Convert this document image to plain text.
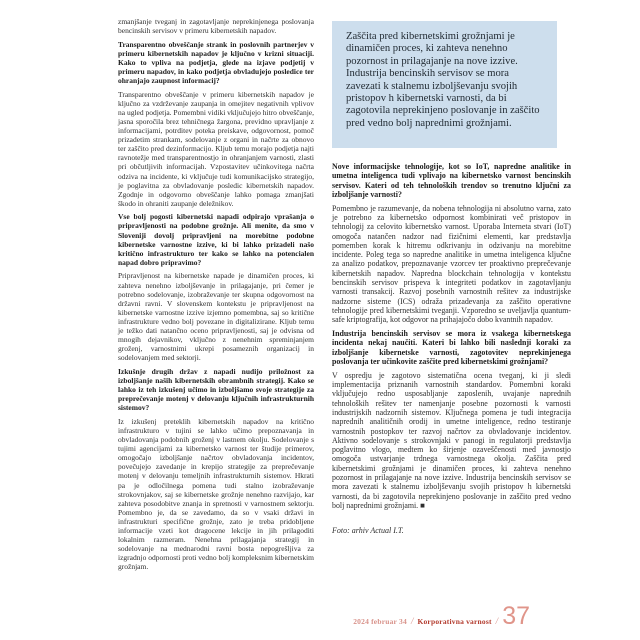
zmanjšanje tveganj in zagotavljanje neprekinjenega poslovanja bencinskih servisov v primeru kibernetskih napadov.

Transparentno obveščanje strank in poslovnih partnerjev v primeru kibernetskih napadov je ključno v krizni situaciji. Kako to vpliva na podjetja, glede na izjave podjetij v primeru napadov, in kako podjetja obvladujejo posledice ter ohranjajo zaupnost informacij?

Transparentno obveščanje v primeru kibernetskih napadov je ključno za vzdrževanje zaupanja in omejitev negativnih vplivov na ugled podjetja. Pomembni vidiki vključujejo hitro obveščanje, jasna sporočila brez tehničnega žargona, previdno upravljanje z informacijami, potrditev poteka preiskave, odgovornost, pomoč prizadetim strankam, sodelovanje z organi in načrte za obnovo ter zaščito pred dezinformacijo. Kljub temu morajo podjetja najti ravnotežje med transparentnostjo in ohranjanjem varnosti, zlasti pri občutljivih informacijah. Vzpostavitev učinkovitega načrta odziva na incidente, ki vključuje tudi komunikacijsko strategijo, je poglavitna za obvladovanje posledic kibernetskih napadov. Zgodnje in odgovorno obveščanje lahko pomaga zmanjšati škodo in ohraniti zaupanje deležnikov.

Vse bolj pogosti kibernetski napadi odpirajo vprašanja o pripravljenosti na podobne grožnje. Ali menite, da smo v Sloveniji dovolj pripravljeni na morebitne podobne kibernetske varnostne izzive, ki bi lahko prizadeli našo kritično infrastrukturo ter kako se lahko na potencialen napad dobro pripravimo?

Pripravljenost na kibernetske napade je dinamičen proces, ki zahteva nenehno izboljševanje in prilagajanje, pri čemer je potrebno sodelovanje, izobraževanje ter skupna odgovornost na državni ravni. V slovenskem kontekstu je pripravljenost na kibernetske varnostne izzive izjemno pomembna, saj so kritične infrastrukture vedno bolj povezane in digitalizirane. Kljub temu je težko dati natančno oceno pripravljenosti, saj je odvisna od mnogih dejavnikov, vključno z nenehnim spreminjanjem groženj, varnostnimi ukrepi posameznih organizacij in sodelovanjem med sektorji.

Izkušnje drugih držav z napadi nudijo priložnost za izboljšanje naših kibernetskih obrambnih strategij. Kako se lahko iz teh izkušenj učimo in izboljšamo svoje strategije za preprečevanje motenj v delovanju ključnih infrastrukturnih sistemov?

Iz izkušenj preteklih kibernetskih napadov na kritično infrastrukturo v tujini se lahko učimo prepoznavanja in obvladovanja podobnih groženj v lastnem okolju. Sodelovanje s tujimi agencijami za kibernetsko varnost ter študije primerov, omogočajo izboljšanje načrtov obvladovanja incidentov, povečujejo zavedanje in krepijo strategije za preprečevanje motenj v delovanju temeljnih infrastrukturnih sistemov. Hkrati pa je odločilnega pomena tudi stalno izobraževanje strokovnjakov, saj se kibernetske grožnje nenehno razvijajo, kar zahteva posodobitve znanja in spretnosti v varnostnem sektorju. Pomembno je, da se zavedamo, da so v vsaki državi in infrastrukturi specifične grožnje, zato je treba pridobljene informacije vzeti kot dragocene lekcije in jih prilagoditi lokalnim razmeram. Nenehna prilagajanja strategij in sodelovanje na mednarodni ravni bosta nepogrešljiva za izgradnjo odpornosti proti vedno bolj kompleksnim kibernetskim grožnjam.

Zaščita pred kibernetskimi grožnjami je dinamičen proces, ki zahteva nenehno pozornost in prilagajanje na nove izzive. Industrija bencinskih servisov se mora zavezati k stalnemu izboljševanju svojih pristopov h kibernetski varnosti, da bi zagotovila neprekinjeno poslovanje in zaščito pred vedno bolj naprednimi grožnjami.

Nove informacijske tehnologije, kot so IoT, napredne analitike in umetna inteligenca tudi vplivajo na kibernetsko varnost bencinskih servisov. Kateri od teh tehnoloških trendov so trenutno ključni za izboljšanje varnosti?

Pomembno je razumevanje, da nobena tehnologija ni absolutno varna, zato je potrebno za kibernetsko odpornost kombinirati več pristopov in tehnologij za celovito kibernetsko varnost. Uporaba Interneta stvari (IoT) omogoča natančen nadzor nad fizičnimi elementi, kar predstavlja pomemben korak k hitremu odkrivanju in odzivanju na morebitne incidente. Poleg tega so napredne analitike in umetna inteligenca ključne za analizo podatkov, prepoznavanje vzorcev ter proaktivno preprečevanje kibernetskih napadov. Napredna blockchain tehnologija v kontekstu bencinskih servisov prispeva k integriteti podatkov in zagotavljanju varnosti transakcij. Razvoj posebnih varnostnih rešitev za industrijske nadzorne sisteme (ICS) odraža prizadevanja za zaščito operativne tehnologije pred kibernetskimi tveganji. Vzporedno se uveljavlja quantum-safe kriptografija, kot odgovor na prihajajočo dobo kvantnih napadov.

Industrija bencinskih servisov se mora iz vsakega kibernetskega incidenta nekaj naučiti. Kateri bi lahko bili naslednji koraki za izboljšanje kibernetske varnosti, zagotovitev neprekinjenega poslovanja ter učinkovite zaščite pred kibernetskimi grožnjami?

V ospredju je zagotovo sistematična ocena tveganj, ki ji sledi implementacija priznanih varnostnih standardov. Pomembni koraki vključujejo redno usposabljanje zaposlenih, uvajanje naprednih tehnoloških rešitev ter namenjanje posebne pozornosti k varnosti industrijskih nadzornih sistemov. Ključnega pomena je tudi integracija naprednih analitičnih orodij in umetne inteligence, redno testiranje varnostnih postopkov ter razvoj načrtov za obvladovanje incidentov. Aktivno sodelovanje s strokovnjaki v panogi in regulatorji predstavlja poglavitno vlogo, medtem ko širjenje ozaveščenosti med javnostjo omogoča ustvarjanje trdnega varnostnega okolja. Zaščita pred kibernetskimi grožnjami je dinamičen proces, ki zahteva nenehno pozornost in prilagajanje na nove izzive. Industrija bencinskih servisov se mora zavezati k stalnemu izboljševanju svojih pristopov h kibernetski varnosti, da bi zagotovila neprekinjeno poslovanje in zaščito pred vedno bolj naprednimi grožnjami. ■

Foto: arhiv Actual I.T.

2024 februar 34 / Korporativna varnost / 37
